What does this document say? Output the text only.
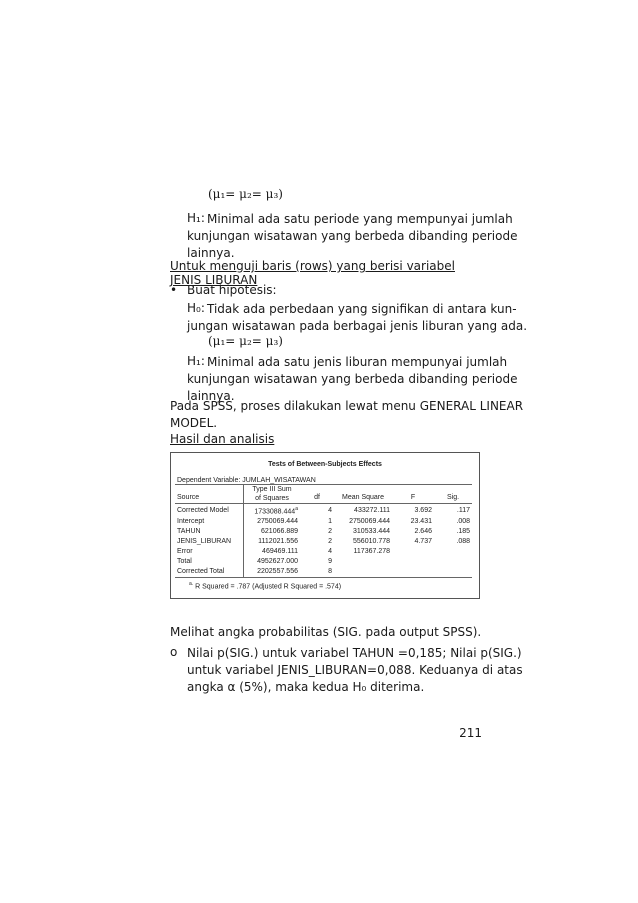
(μ₁= μ₂= μ₃)
H₁: Minimal ada satu periode yang mempunyai jumlah
kunjungan wisatawan yang berbeda dibanding periode
lainnya.
Untuk menguji baris (rows) yang berisi variabel JENIS LIBURAN
• Buat hipotesis:
H₀: Tidak ada perbedaan yang signifikan di antara kun-
jungan wisatawan pada berbagai jenis liburan yang ada.
(μ₁= μ₂= μ₃)
H₁: Minimal ada satu jenis liburan mempunyai jumlah
kunjungan wisatawan yang berbeda dibanding periode
lainnya.
Pada SPSS, proses dilakukan lewat menu GENERAL LINEAR
MODEL.
Hasil dan analisis
Tests of Between-Subjects Effects
Dependent Variable: JUMLAH_WISATAWAN
Source	Type III Sum
of Squares	df	Mean Square	F	Sig.
Corrected Model	1733088.444$^a$	4	433272.111	3.692	.117
Intercept	2750069.444	1	2750069.444	23.431	.008
TAHUN	621066.889	2	310533.444	2.646	.185
JENIS_LIBURAN	1112021.556	2	556010.778	4.737	.088
Error	469469.111	4	117367.278		
Total	4952627.000	9			
Corrected Total	2202557.556	8			
$^{a.}$ R Squared = .787 (Adjusted R Squared = .574)
Melihat angka probabilitas (SIG. pada output SPSS).
o Nilai p(SIG.) untuk variabel TAHUN =0,185; Nilai p(SIG.)
untuk variabel JENIS_LIBURAN=0,088. Keduanya di atas
angka α (5%), maka kedua H₀ diterima.
211
